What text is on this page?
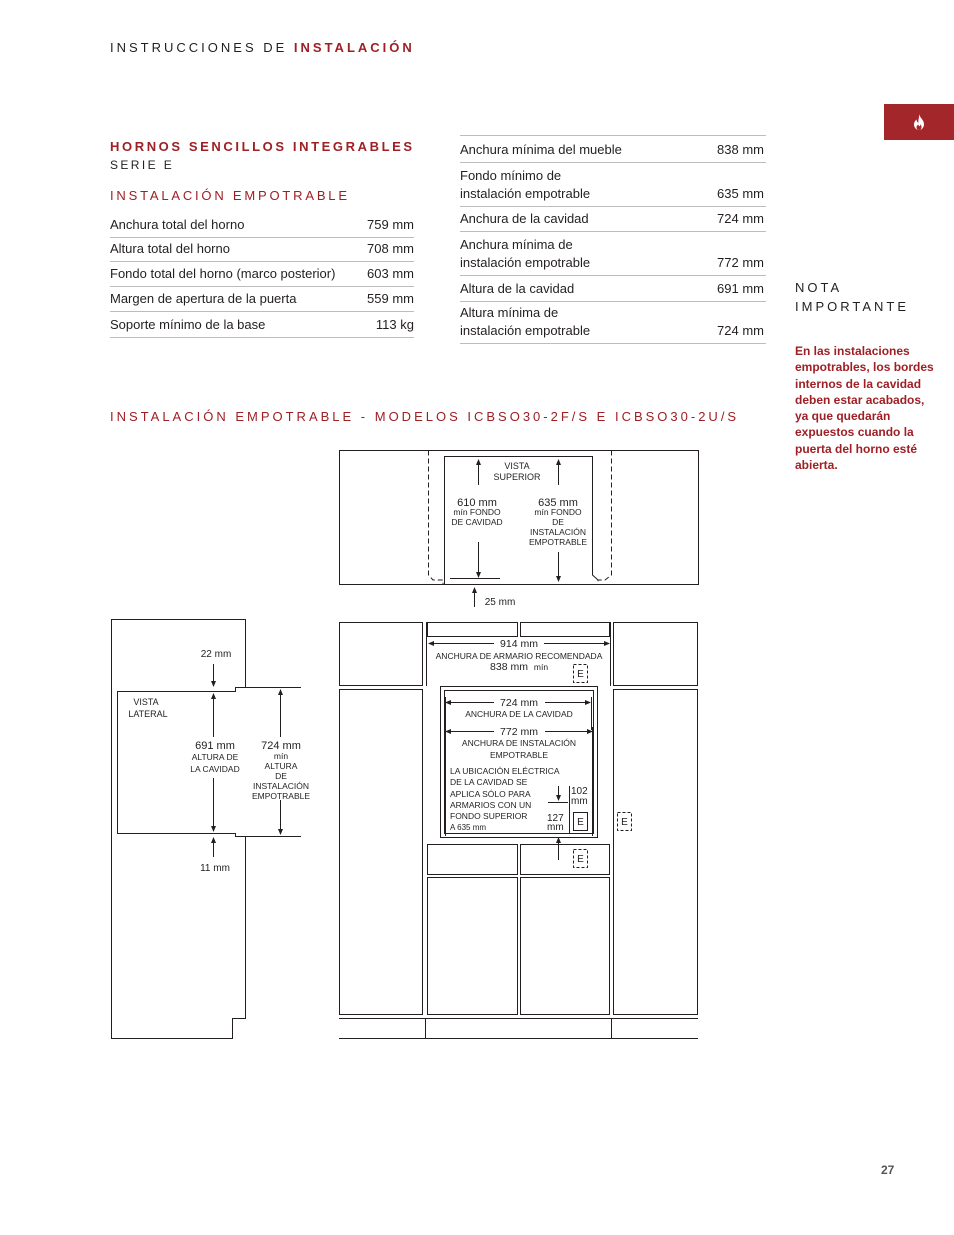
INSTRUCCIONES DE INSTALACIÓN
HORNOS SENCILLOS INTEGRABLES
SERIE E
INSTALACIÓN EMPOTRABLE
Anchura total del horno	759 mm
Altura total del horno	708 mm
Fondo total del horno (marco posterior) 603 mm
Margen de apertura de la puerta	559 mm
Soporte mínimo de la base	113 kg
Anchura mínima del mueble	838 mm
Fondo mínimo de
instalación empotrable	635 mm
Anchura de la cavidad	724 mm
Anchura mínima de
instalación empotrable	772 mm
Altura de la cavidad	691 mm
Altura mínima de
instalación empotrable	724 mm
NOTA
IMPORTANTE
En las instalaciones empotrables, los bordes internos de la cavidad deben estar acabados, ya que quedarán expuestos cuando la puerta del horno esté abierta.
INSTALACIÓN EMPOTRABLE - MODELOS ICBSO30-2F/S E ICBSO30-2U/S
VISTA
SUPERIOR
610 mm
mín FONDO
DE CAVIDAD
635 mm
mín FONDO
DE
INSTALACIÓN
EMPOTRABLE
25 mm
VISTA
LATERAL
22 mm
691 mm
ALTURA DE
LA CAVIDAD
724 mm
mín
ALTURA
DE
INSTALACIÓN
EMPOTRABLE
11 mm
914 mm
ANCHURA DE ARMARIO RECOMENDADA
838 mm mín
724 mm
ANCHURA DE LA CAVIDAD
772 mm
ANCHURA DE INSTALACIÓN
EMPOTRABLE
LA UBICACIÓN ELÉCTRICA
DE LA CAVIDAD SE
APLICA SÓLO PARA
ARMARIOS CON UN
FONDO SUPERIOR
A 635 mm
102
mm
127
mm
E
E
E
E
27
